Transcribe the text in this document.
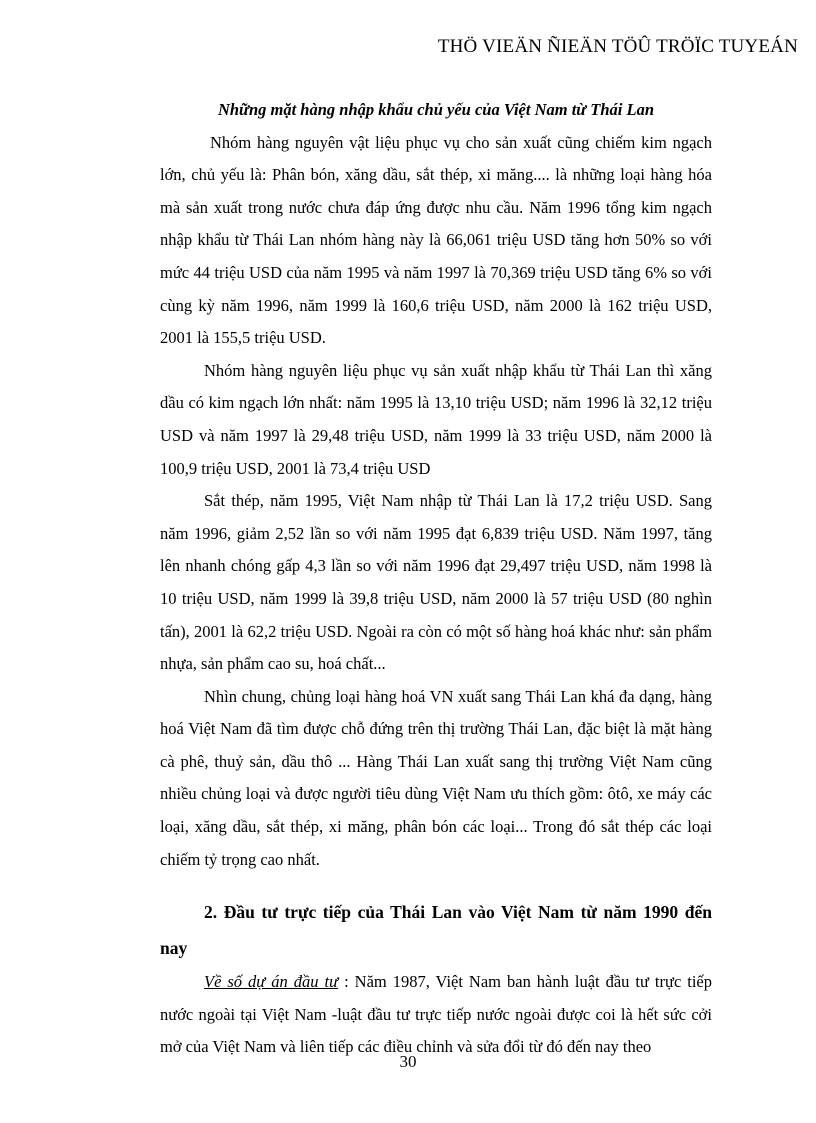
THÖ VIEÄN ÑIEÄN TÖÛ TRÖÏC TUYEÁN

Những mặt hàng nhập khẩu chủ yếu của Việt Nam từ Thái Lan

Nhóm hàng nguyên vật liệu phục vụ cho sản xuất cũng chiếm kim ngạch lớn, chủ yếu là: Phân bón, xăng dầu, sắt thép, xi măng.... là những loại hàng hóa mà sản xuất trong nước chưa đáp ứng được nhu cầu. Năm 1996 tổng kim ngạch nhập khẩu từ Thái Lan nhóm hàng này là 66,061 triệu USD tăng hơn 50% so với mức 44 triệu USD của năm 1995 và năm 1997 là 70,369 triệu USD tăng 6% so với cùng kỳ năm 1996, năm 1999 là 160,6 triệu USD, năm 2000 là 162 triệu USD, 2001 là 155,5 triệu USD.

Nhóm hàng nguyên liệu phục vụ sản xuất nhập khẩu từ Thái Lan thì xăng dầu có kim ngạch lớn nhất: năm 1995 là 13,10 triệu USD; năm 1996 là 32,12 triệu USD và năm 1997 là 29,48 triệu USD, năm 1999 là 33 triệu USD, năm 2000 là 100,9 triệu USD, 2001 là 73,4 triệu USD

Sắt thép, năm 1995, Việt Nam nhập từ Thái Lan là 17,2 triệu USD. Sang năm 1996, giảm 2,52 lần so với năm 1995 đạt 6,839 triệu USD. Năm 1997, tăng lên nhanh chóng gấp 4,3 lần so với năm 1996 đạt 29,497 triệu USD, năm 1998 là 10 triệu USD, năm 1999 là 39,8 triệu USD, năm 2000 là 57 triệu USD (80 nghìn tấn), 2001 là 62,2 triệu USD. Ngoài ra còn có một số hàng hoá khác như: sản phẩm nhựa, sản phẩm cao su, hoá chất...

Nhìn chung, chủng loại hàng hoá VN xuất sang Thái Lan khá đa dạng, hàng hoá Việt Nam đã tìm được chỗ đứng trên thị trường Thái Lan, đặc biệt là mặt hàng cà phê, thuỷ sản, dầu thô ... Hàng Thái Lan xuất sang thị trường Việt Nam cũng nhiều chủng loại và được người tiêu dùng Việt Nam ưu thích gồm: ôtô, xe máy các loại, xăng dầu, sắt thép, xi măng, phân bón các loại... Trong đó sắt thép các loại chiếm tỷ trọng cao nhất.

2. Đầu tư trực tiếp của Thái Lan vào Việt Nam từ năm 1990 đến nay

Về số dự án đầu tư : Năm 1987, Việt Nam ban hành luật đầu tư trực tiếp nước ngoài tại Việt Nam -luật đầu tư trực tiếp nước ngoài được coi là hết sức cởi mở của Việt Nam và liên tiếp các điều chỉnh và sửa đổi từ đó đến nay theo

30
